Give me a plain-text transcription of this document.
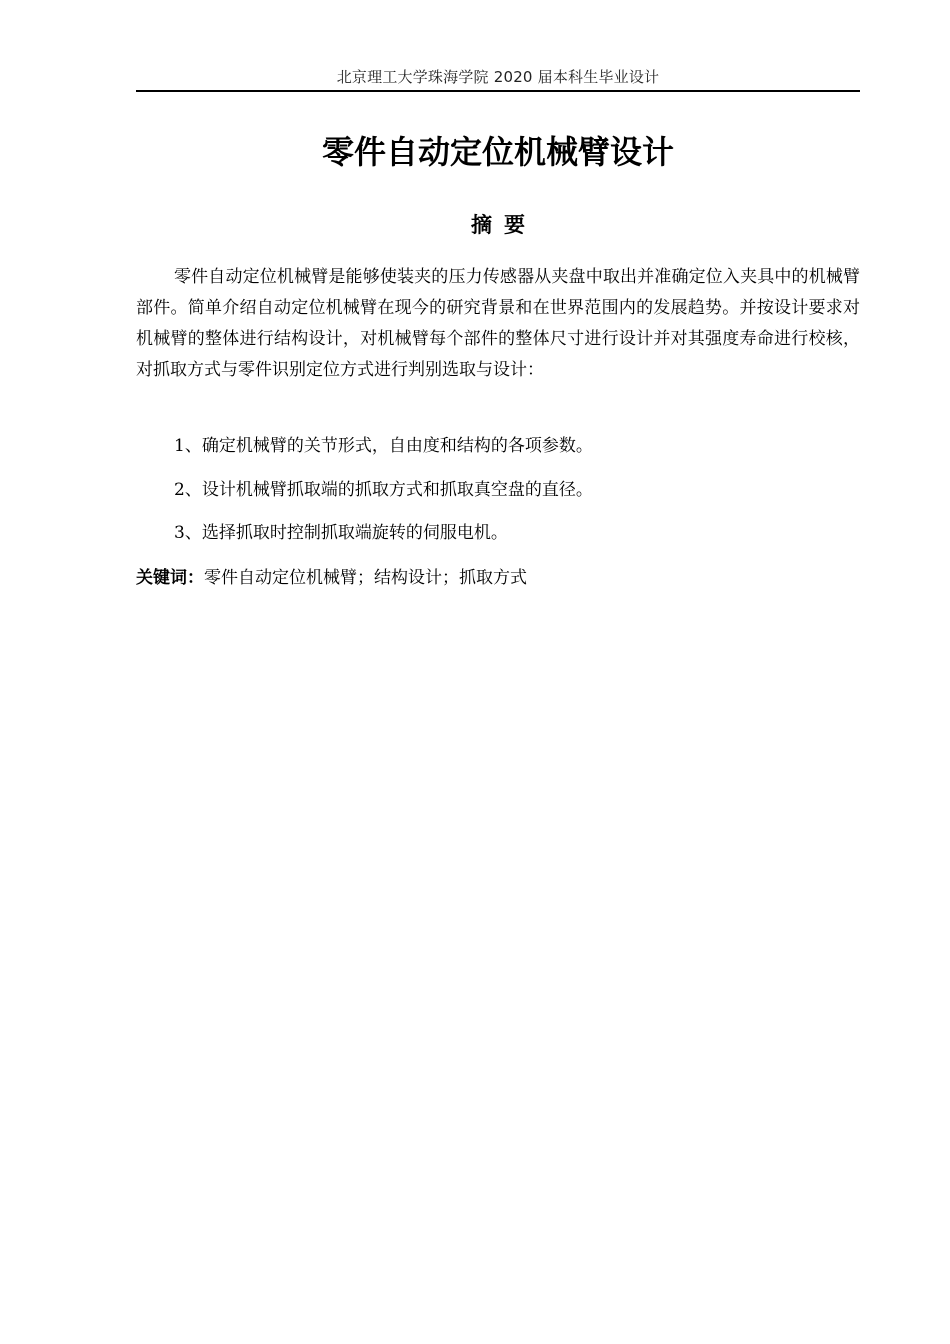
北京理工大学珠海学院 2020 届本科生毕业设计
零件自动定位机械臂设计
摘要

零件自动定位机械臂是能够使装夹的压力传感器从夹盘中取出并准确定位入夹具中的机械臂部件。简单介绍自动定位机械臂在现今的研究背景和在世界范围内的发展趋势。并按设计要求对机械臂的整体进行结构设计，对机械臂每个部件的整体尺寸进行设计并对其强度寿命进行校核，对抓取方式与零件识别定位方式进行判别选取与设计：

1、确定机械臂的关节形式，自由度和结构的各项参数。

2、设计机械臂抓取端的抓取方式和抓取真空盘的直径。

3、选择抓取时控制抓取端旋转的伺服电机。

关键词：零件自动定位机械臂；结构设计；抓取方式
